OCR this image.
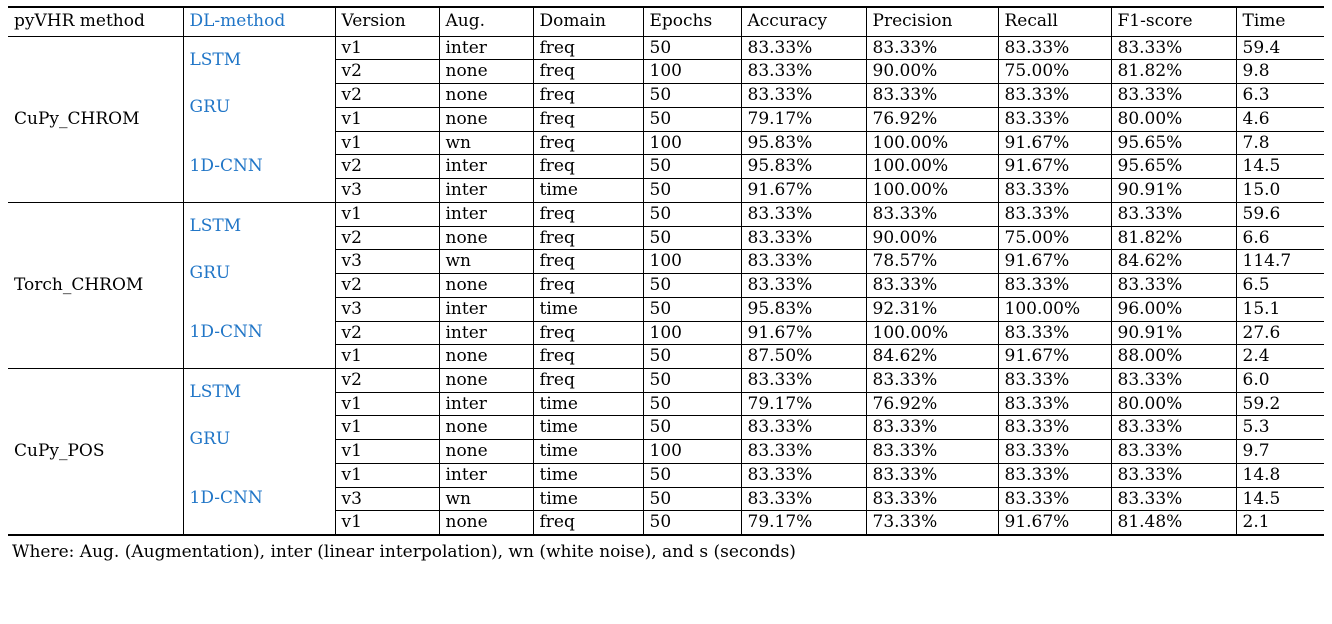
pyVHR method	DL-method	Version	Aug.	Domain	Epochs	Accuracy	Precision	Recall	F1-score	Time
CuPy_CHROM	LSTM	v1	inter	freq	50	83.33%	83.33%	83.33%	83.33%	59.4
		v2	none	freq	100	83.33%	90.00%	75.00%	81.82%	9.8
	GRU	v2	none	freq	50	83.33%	83.33%	83.33%	83.33%	6.3
		v1	none	freq	50	79.17%	76.92%	83.33%	80.00%	4.6
	1D-CNN	v1	wn	freq	100	95.83%	100.00%	91.67%	95.65%	7.8
		v2	inter	freq	50	95.83%	100.00%	91.67%	95.65%	14.5
		v3	inter	time	50	91.67%	100.00%	83.33%	90.91%	15.0
Torch_CHROM	LSTM	v1	inter	freq	50	83.33%	83.33%	83.33%	83.33%	59.6
		v2	none	freq	50	83.33%	90.00%	75.00%	81.82%	6.6
	GRU	v3	wn	freq	100	83.33%	78.57%	91.67%	84.62%	114.7
		v2	none	freq	50	83.33%	83.33%	83.33%	83.33%	6.5
	1D-CNN	v3	inter	time	50	95.83%	92.31%	100.00%	96.00%	15.1
		v2	inter	freq	100	91.67%	100.00%	83.33%	90.91%	27.6
		v1	none	freq	50	87.50%	84.62%	91.67%	88.00%	2.4
CuPy_POS	LSTM	v2	none	freq	50	83.33%	83.33%	83.33%	83.33%	6.0
		v1	inter	time	50	79.17%	76.92%	83.33%	80.00%	59.2
	GRU	v1	none	time	50	83.33%	83.33%	83.33%	83.33%	5.3
		v1	none	time	100	83.33%	83.33%	83.33%	83.33%	9.7
	1D-CNN	v1	inter	time	50	83.33%	83.33%	83.33%	83.33%	14.8
		v3	wn	time	50	83.33%	83.33%	83.33%	83.33%	14.5
		v1	none	freq	50	79.17%	73.33%	91.67%	81.48%	2.1
Where: Aug. (Augmentation), inter (linear interpolation), wn (white noise), and s (seconds)
